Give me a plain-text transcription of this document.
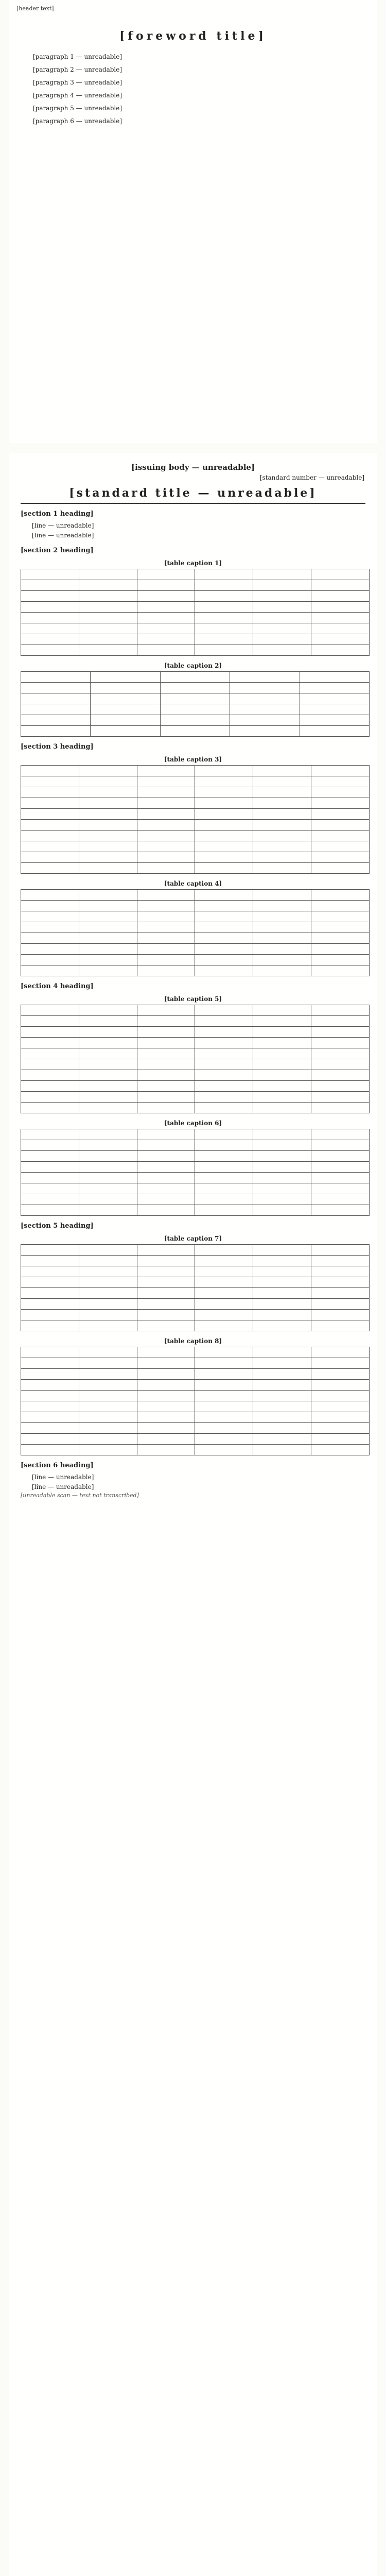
[header text]
[foreword title]

[paragraph 1 — unreadable]

[paragraph 2 — unreadable]

[paragraph 3 — unreadable]

[paragraph 4 — unreadable]

[paragraph 5 — unreadable]

[paragraph 6 — unreadable]

[issuing body — unreadable]
[standard number — unreadable]
[standard title — unreadable]
[section 1 heading]
[line — unreadable]
[line — unreadable]
[section 2 heading]
[table caption 1]

[table caption 2]

[section 3 heading]
[table caption 3]

[table caption 4]

[section 4 heading]
[table caption 5]

[table caption 6]

[section 5 heading]
[table caption 7]

[table caption 8]

[section 6 heading]
[line — unreadable]
[line — unreadable]
[unreadable scan — text not transcribed]
